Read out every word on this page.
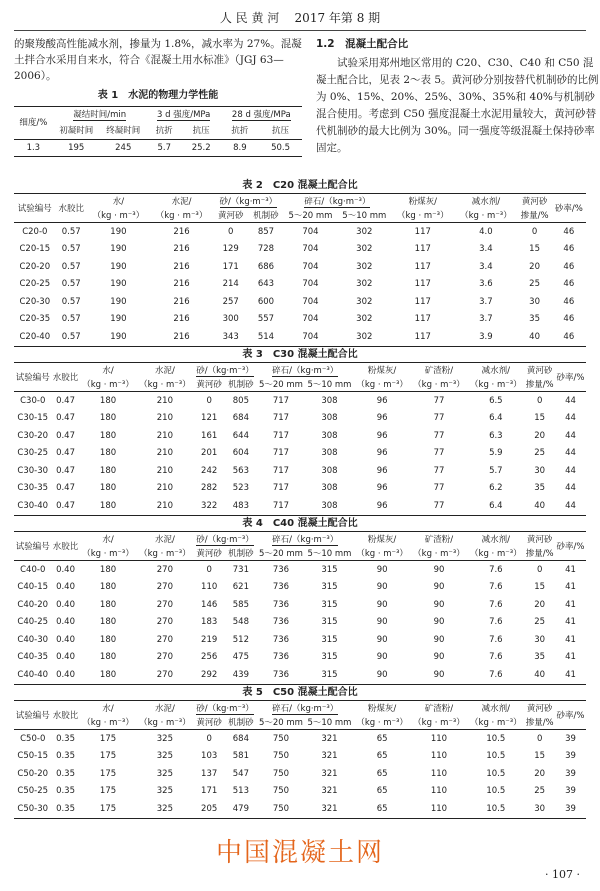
人 民 黄 河 2017 年第 8 期

的聚羧酸高性能减水剂，掺量为 1.8%，减水率为 27%。混凝土拌合水采用自来水，符合《混凝土用水标准》（JGJ 63—2006）。

表 1　水泥的物理力学性能
细度/%	凝结时间/min		3 d 强度/MPa		28 d 强度/MPa	
	初凝时间	终凝时间	抗折	抗压	抗折	抗压
1.3	195	245	5.7	25.2	8.9	50.5

1.2　混凝土配合比

试验采用郑州地区常用的 C20、C30、C40 和 C50 混凝土配合比，见表 2～表 5。黄河砂分别按替代机制砂的比例为 0%、15%、20%、25%、30%、35%和 40%与机制砂混合使用。考虑到 C50 强度混凝土水泥用量较大，黄河砂替代机制砂的最大比例为 30%。同一强度等级混凝土保持砂率固定。

表 2　C20 混凝土配合比
试验编号	水胶比	水/	水泥/	砂/（kg·m⁻³）		碎石/（kg·m⁻³）		粉煤灰/	减水剂/	黄河砂	砂率/%
		（kg · m⁻³）	（kg · m⁻³）	黄河砂	机制砂	5～20 mm	5～10 mm	（kg · m⁻³）	（kg · m⁻³）	掺量/%	
C20-0	0.57	190	216	0	857	704	302	117	4.0	0	46
C20-15	0.57	190	216	129	728	704	302	117	3.4	15	46
C20-20	0.57	190	216	171	686	704	302	117	3.4	20	46
C20-25	0.57	190	216	214	643	704	302	117	3.6	25	46
C20-30	0.57	190	216	257	600	704	302	117	3.7	30	46
C20-35	0.57	190	216	300	557	704	302	117	3.7	35	46
C20-40	0.57	190	216	343	514	704	302	117	3.9	40	46
表 3　C30 混凝土配合比
试验编号	水胶比	水/	水泥/	砂/（kg·m⁻³）		碎石/（kg·m⁻³）		粉煤灰/	矿渣粉/	减水剂/	黄河砂	砂率/%
		（kg · m⁻³）	（kg · m⁻³）	黄河砂	机制砂	5～20 mm	5～10 mm	（kg · m⁻³）	（kg · m⁻³）	（kg · m⁻³）	掺量/%	
C30-0	0.47	180	210	0	805	717	308	96	77	6.5	0	44
C30-15	0.47	180	210	121	684	717	308	96	77	6.4	15	44
C30-20	0.47	180	210	161	644	717	308	96	77	6.3	20	44
C30-25	0.47	180	210	201	604	717	308	96	77	5.9	25	44
C30-30	0.47	180	210	242	563	717	308	96	77	5.7	30	44
C30-35	0.47	180	210	282	523	717	308	96	77	6.2	35	44
C30-40	0.47	180	210	322	483	717	308	96	77	6.4	40	44
表 4　C40 混凝土配合比
试验编号	水胶比	水/	水泥/	砂/（kg·m⁻³）		碎石/（kg·m⁻³）		粉煤灰/	矿渣粉/	减水剂/	黄河砂	砂率/%
		（kg · m⁻³）	（kg · m⁻³）	黄河砂	机制砂	5～20 mm	5～10 mm	（kg · m⁻³）	（kg · m⁻³）	（kg · m⁻³）	掺量/%	
C40-0	0.40	180	270	0	731	736	315	90	90	7.6	0	41
C40-15	0.40	180	270	110	621	736	315	90	90	7.6	15	41
C40-20	0.40	180	270	146	585	736	315	90	90	7.6	20	41
C40-25	0.40	180	270	183	548	736	315	90	90	7.6	25	41
C40-30	0.40	180	270	219	512	736	315	90	90	7.6	30	41
C40-35	0.40	180	270	256	475	736	315	90	90	7.6	35	41
C40-40	0.40	180	270	292	439	736	315	90	90	7.6	40	41
表 5　C50 混凝土配合比
试验编号	水胶比	水/	水泥/	砂/（kg·m⁻³）		碎石/（kg·m⁻³）		粉煤灰/	矿渣粉/	减水剂/	黄河砂	砂率/%
		（kg · m⁻³）	（kg · m⁻³）	黄河砂	机制砂	5～20 mm	5～10 mm	（kg · m⁻³）	（kg · m⁻³）	（kg · m⁻³）	掺量/%	
C50-0	0.35	175	325	0	684	750	321	65	110	10.5	0	39
C50-15	0.35	175	325	103	581	750	321	65	110	10.5	15	39
C50-20	0.35	175	325	137	547	750	321	65	110	10.5	20	39
C50-25	0.35	175	325	171	513	750	321	65	110	10.5	25	39
C50-30	0.35	175	325	205	479	750	321	65	110	10.5	30	39
中国混凝土网
· 107 ·
